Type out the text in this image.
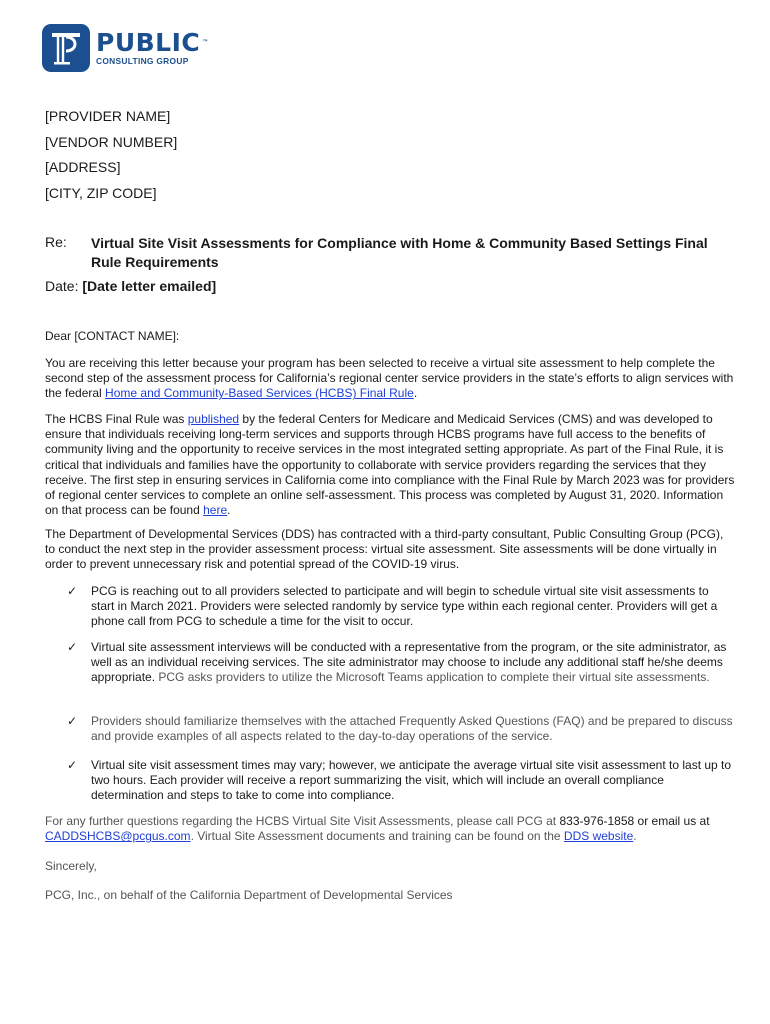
PUBLIC ™
CONSULTING GROUP
[PROVIDER NAME]
[VENDOR NUMBER]
[ADDRESS]
[CITY, ZIP CODE]
Re: Virtual Site Visit Assessments for Compliance with Home & Community Based Settings Final Rule Requirements
Date: [Date letter emailed]
Dear [CONTACT NAME]:
You are receiving this letter because your program has been selected to receive a virtual site assessment to help complete the second step of the assessment process for California’s regional center service providers in the state’s efforts to align services with the federal Home and Community-Based Services (HCBS) Final Rule.
The HCBS Final Rule was published by the federal Centers for Medicare and Medicaid Services (CMS) and was developed to ensure that individuals receiving long-term services and supports through HCBS programs have full access to the benefits of community living and the opportunity to receive services in the most integrated setting appropriate. As part of the Final Rule, it is critical that individuals and families have the opportunity to collaborate with service providers regarding the services that they receive. The first step in ensuring services in California come into compliance with the Final Rule by March 2023 was for providers of regional center services to complete an online self-assessment. This process was completed by August 31, 2020. Information on that process can be found here.
The Department of Developmental Services (DDS) has contracted with a third-party consultant, Public Consulting Group (PCG), to conduct the next step in the provider assessment process: virtual site assessment. Site assessments will be done virtually in order to prevent unnecessary risk and potential spread of the COVID-19 virus.
✓ PCG is reaching out to all providers selected to participate and will begin to schedule virtual site visit assessments to start in March 2021. Providers were selected randomly by service type within each regional center. Providers will get a phone call from PCG to schedule a time for the visit to occur.
✓ Virtual site assessment interviews will be conducted with a representative from the program, or the site administrator, as well as an individual receiving services. The site administrator may choose to include any additional staff he/she deems appropriate. PCG asks providers to utilize the Microsoft Teams application to complete their virtual site assessments.
✓ Providers should familiarize themselves with the attached Frequently Asked Questions (FAQ) and be prepared to discuss and provide examples of all aspects related to the day-to-day operations of the service.
✓ Virtual site visit assessment times may vary; however, we anticipate the average virtual site visit assessment to last up to two hours. Each provider will receive a report summarizing the visit, which will include an overall compliance determination and steps to take to come into compliance.
For any further questions regarding the HCBS Virtual Site Visit Assessments, please call PCG at 833-976-1858 or email us at CADDSHCBS@pcgus.com. Virtual Site Assessment documents and training can be found on the DDS website.
Sincerely,
PCG, Inc., on behalf of the California Department of Developmental Services
